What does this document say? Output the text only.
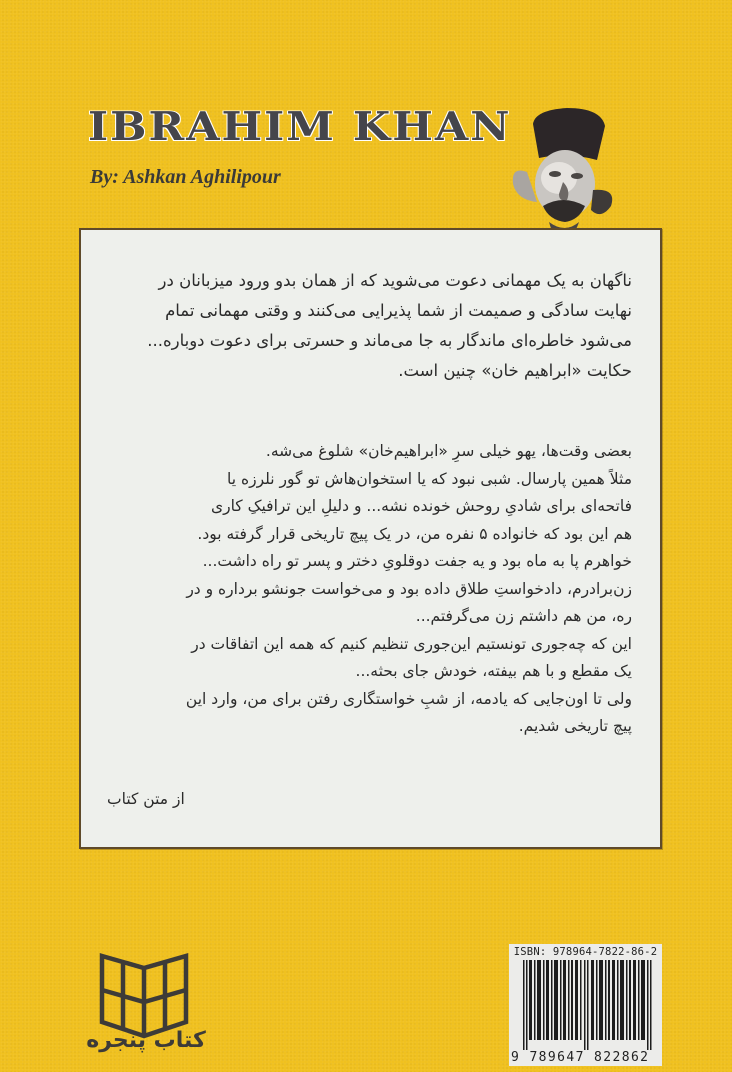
IBRAHIM KHAN
By: Ashkan Aghilipour
ناگهان به یک مهمانی دعوت می‌شوید که از همان بدو ورود میزبانان در
نهایت سادگی و صمیمت از شما پذیرایی می‌کنند و وقتی مهمانی تمام
می‌شود خاطره‌ای ماندگار به جا می‌ماند و حسرتی برای دعوت دوباره...
حکایت «ابراهیم خان» چنین است.
بعضی وقت‌ها، یهو خیلی سرِ «ابراهیم‌خان» شلوغ می‌شه.
مثلاً همین پارسال. شبی نبود که یا استخوان‌هاش تو گور نلرزه یا
فاتحه‌ای برای شادیِ روحش خونده نشه... و دلیلِ این ترافیکِ کاری
هم این بود که خانواده ۵ نفره من، در یک پیچ تاریخی قرار گرفته بود.
خواهرم پا به ماه بود و یه جفت دوقلویِ دختر و پسر تو راه داشت...
زن‌برادرم، دادخواستِ طلاق داده بود و می‌خواست جونشو برداره و در
ره، من هم داشتم زن می‌گرفتم...
این که چه‌جوری تونستیم این‌جوری تنظیم کنیم که همه این اتفاقات در
یک مقطع و با هم بیفته، خودش جای بحثه...
ولی تا اون‌جایی که یادمه، از شبِ خواستگاری رفتن برای من، وارد این
پیچ تاریخی شدیم.
از متن کتاب
کتاب پنجره
ISBN: 978964-7822-86-2
9 789647 822862
